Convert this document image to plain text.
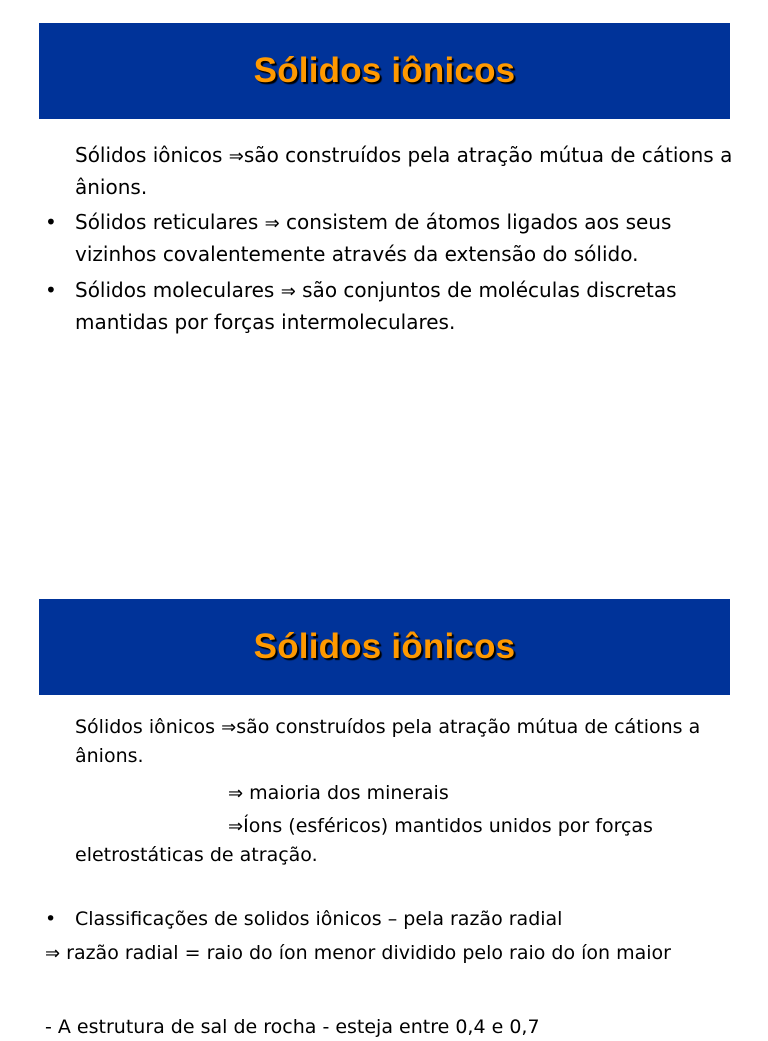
Sólidos iônicos
Sólidos iônicos ⇒são construídos pela atração mútua de cátions a ânions.
• Sólidos reticulares ⇒ consistem de átomos ligados aos seus vizinhos covalentemente através da extensão do sólido.
• Sólidos moleculares ⇒ são conjuntos de moléculas discretas mantidas por forças intermoleculares.
Sólidos iônicos
Sólidos iônicos ⇒são construídos pela atração mútua de cátions a ânions.
⇒ maioria dos minerais
⇒Íons (esféricos) mantidos unidos por forças eletrostáticas de atração.
• Classificações de solidos iônicos – pela razão radial
⇒ razão radial = raio do íon menor dividido pelo raio do íon maior
- A estrutura de sal de rocha - esteja entre 0,4 e 0,7
